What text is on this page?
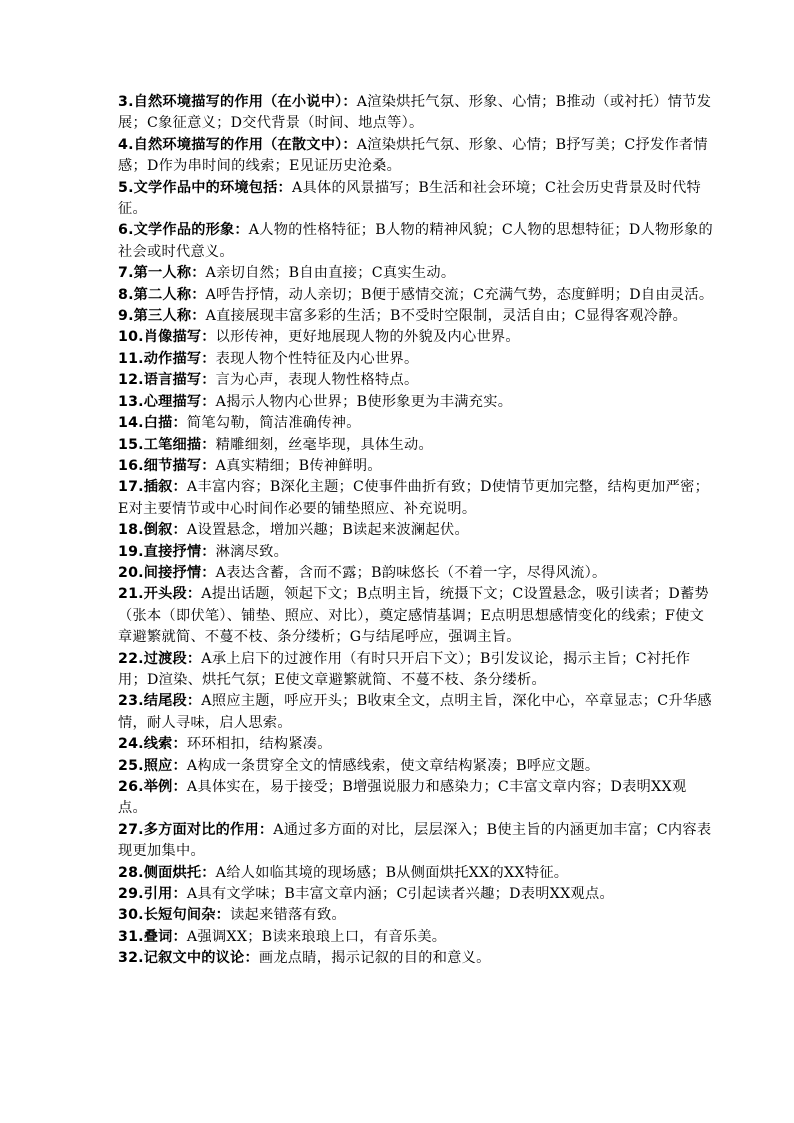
3.自然环境描写的作用（在小说中）：A渲染烘托气氛、形象、心情；B推动（或衬托）情节发展；C象征意义；D交代背景（时间、地点等）。

4.自然环境描写的作用（在散文中）：A渲染烘托气氛、形象、心情；B抒写美；C抒发作者情感；D作为串时间的线索；E见证历史沧桑。

5.文学作品中的环境包括：A具体的风景描写；B生活和社会环境；C社会历史背景及时代特征。

6.文学作品的形象：A人物的性格特征；B人物的精神风貌；C人物的思想特征；D人物形象的社会或时代意义。

7.第一人称：A亲切自然；B自由直接；C真实生动。

8.第二人称：A呼告抒情，动人亲切；B便于感情交流；C充满气势，态度鲜明；D自由灵活。

9.第三人称：A直接展现丰富多彩的生活；B不受时空限制，灵活自由；C显得客观冷静。

10.肖像描写：以形传神，更好地展现人物的外貌及内心世界。

11.动作描写：表现人物个性特征及内心世界。

12.语言描写：言为心声，表现人物性格特点。

13.心理描写：A揭示人物内心世界；B使形象更为丰满充实。

14.白描：简笔勾勒，简洁准确传神。

15.工笔细描：精雕细刻，丝毫毕现，具体生动。

16.细节描写：A真实精细；B传神鲜明。

17.插叙：A丰富内容；B深化主题；C使事件曲折有致；D使情节更加完整，结构更加严密；E对主要情节或中心时间作必要的铺垫照应、补充说明。

18.倒叙：A设置悬念，增加兴趣；B读起来波澜起伏。

19.直接抒情：淋漓尽致。

20.间接抒情：A表达含蓄，含而不露；B韵味悠长（不着一字，尽得风流）。

21.开头段：A提出话题，领起下文；B点明主旨，统摄下文；C设置悬念，吸引读者；D蓄势（张本（即伏笔）、铺垫、照应、对比），奠定感情基调；E点明思想感情变化的线索；F使文章避繁就简、不蔓不枝、条分缕析；G与结尾呼应，强调主旨。

22.过渡段：A承上启下的过渡作用（有时只开启下文）；B引发议论，揭示主旨；C衬托作用；D渲染、烘托气氛；E使文章避繁就简、不蔓不枝、条分缕析。

23.结尾段：A照应主题，呼应开头；B收束全文，点明主旨，深化中心，卒章显志；C升华感情，耐人寻味，启人思索。

24.线索：环环相扣，结构紧凑。

25.照应：A构成一条贯穿全文的情感线索，使文章结构紧凑；B呼应文题。

26.举例：A具体实在，易于接受；B增强说服力和感染力；C丰富文章内容；D表明XX观点。

27.多方面对比的作用：A通过多方面的对比，层层深入；B使主旨的内涵更加丰富；C内容表现更加集中。

28.侧面烘托：A给人如临其境的现场感；B从侧面烘托XX的XX特征。

29.引用：A具有文学味；B丰富文章内涵；C引起读者兴趣；D表明XX观点。

30.长短句间杂：读起来错落有致。

31.叠词：A强调XX；B读来琅琅上口，有音乐美。

32.记叙文中的议论：画龙点睛，揭示记叙的目的和意义。
